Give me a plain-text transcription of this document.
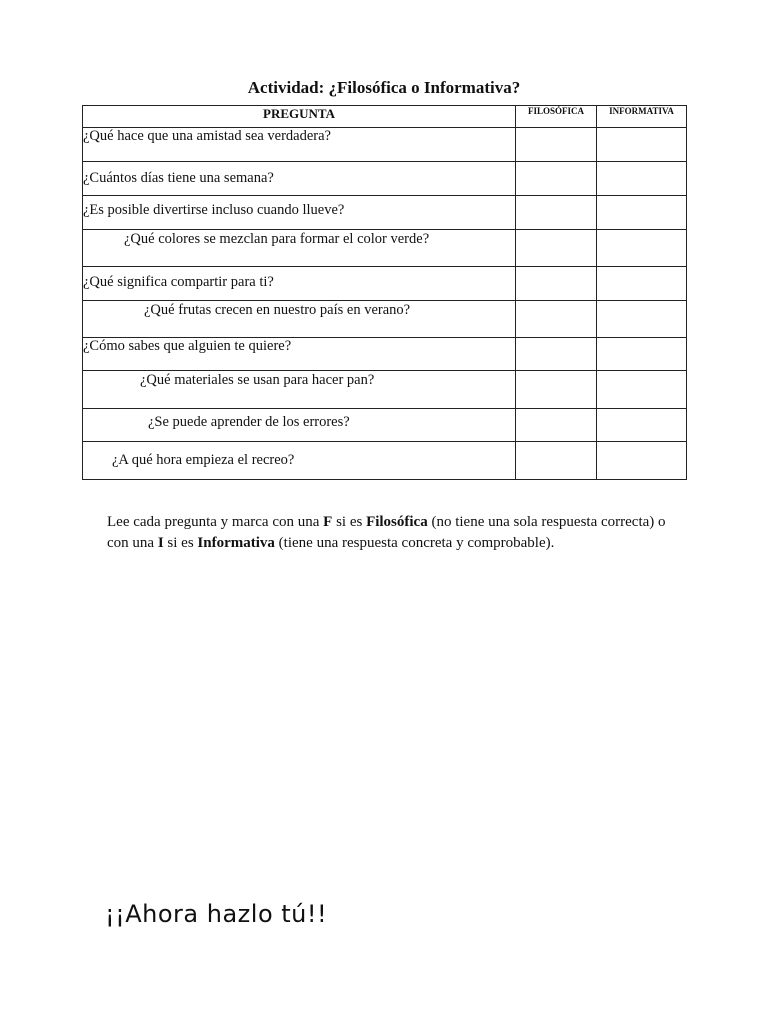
Actividad: ¿Filosófica o Informativa?
PREGUNTA	FILOSÓFICA	INFORMATIVA
¿Qué hace que una amistad sea verdadera?		
¿Cuántos días tiene una semana?		
¿Es posible divertirse incluso cuando llueve?		
¿Qué colores se mezclan para formar el color verde?		
¿Qué significa compartir para ti?		
¿Qué frutas crecen en nuestro país en verano?		
¿Cómo sabes que alguien te quiere?		
¿Qué materiales se usan para hacer pan?		
¿Se puede aprender de los errores?		
¿A qué hora empieza el recreo?		
Lee cada pregunta y marca con una F si es Filosófica (no tiene una sola respuesta correcta) o con una I si es Informativa (tiene una respuesta concreta y comprobable).
¡¡Ahora hazlo tú!!
